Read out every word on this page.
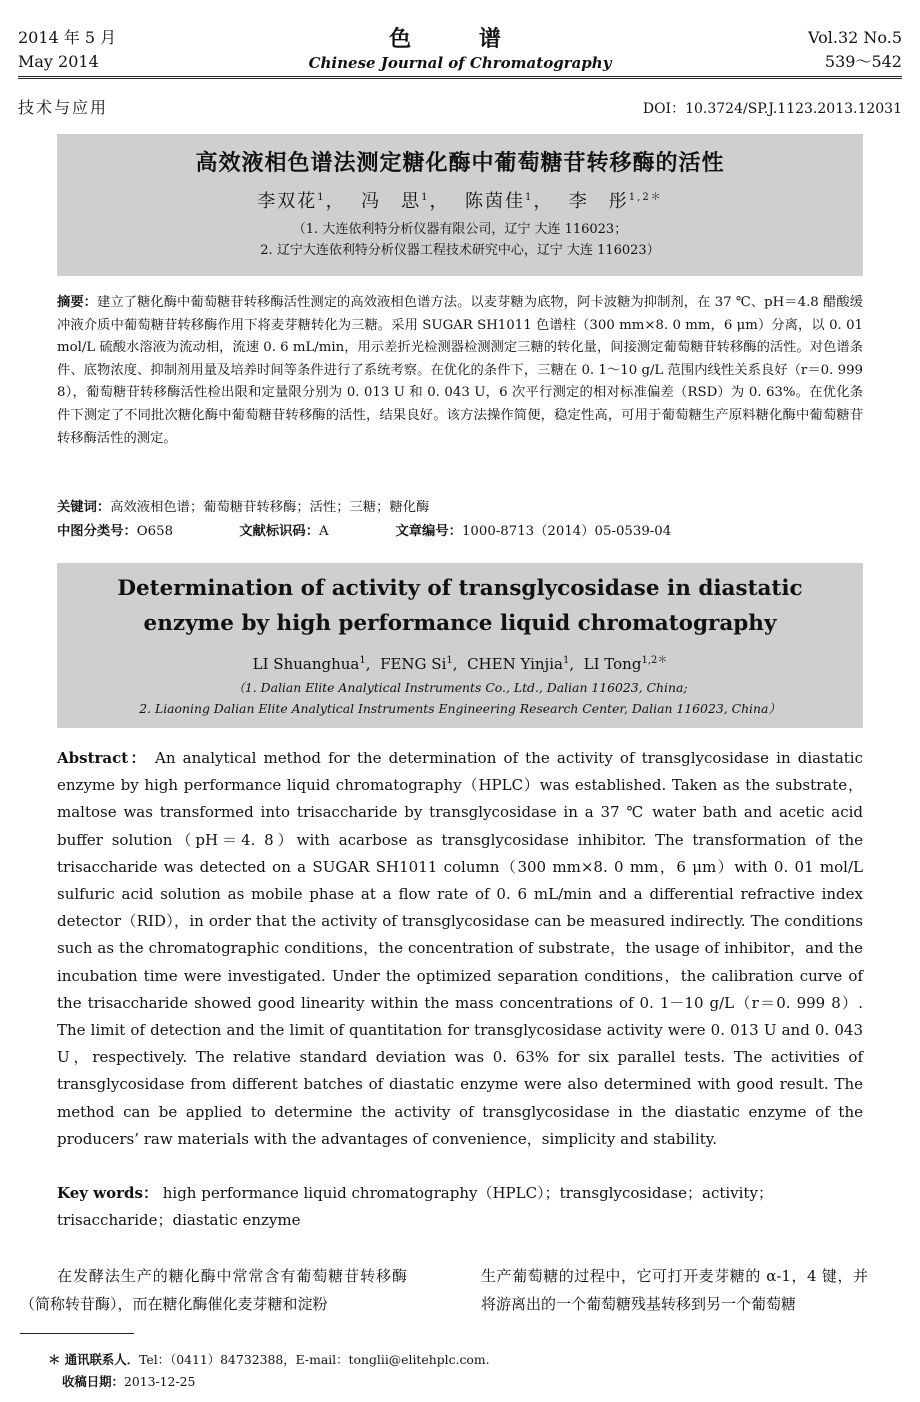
2014 年 5 月
May 2014
色 谱
Chinese Journal of Chromatography
Vol.32 No.5
539～542
技术与应用	DOI：10.3724/SP.J.1123.2013.12031
高效液相色谱法测定糖化酶中葡萄糖苷转移酶的活性
李双花$^1$，  冯　思$^1$，  陈茵佳$^1$，  李　彤$^{1,2*}$
（1. 大连依利特分析仪器有限公司，辽宁 大连 116023；
2. 辽宁大连依利特分析仪器工程技术研究中心，辽宁 大连 116023）
摘要：建立了糖化酶中葡萄糖苷转移酶活性测定的高效液相色谱方法。以麦芽糖为底物，阿卡波糖为抑制剂，在 37 ℃、pH＝4.8 醋酸缓冲液介质中葡萄糖苷转移酶作用下将麦芽糖转化为三糖。采用 SUGAR SH1011 色谱柱（300 mm×8. 0 mm，6 μm）分离，以 0. 01 mol/L 硫酸水溶液为流动相，流速 0. 6 mL/min，用示差折光检测器检测测定三糖的转化量，间接测定葡萄糖苷转移酶的活性。对色谱条件、底物浓度、抑制剂用量及培养时间等条件进行了系统考察。在优化的条件下，三糖在 0. 1～10 g/L 范围内线性关系良好（r＝0. 999 8），葡萄糖苷转移酶活性检出限和定量限分别为 0. 013 U 和 0. 043 U，6 次平行测定的相对标准偏差（RSD）为 0. 63%。在优化条件下测定了不同批次糖化酶中葡萄糖苷转移酶的活性，结果良好。该方法操作简便，稳定性高，可用于葡萄糖生产原料糖化酶中葡萄糖苷转移酶活性的测定。
关键词：高效液相色谱；葡萄糖苷转移酶；活性；三糖；糖化酶
中图分类号：O658	文献标识码：A	文章编号：1000-8713（2014）05-0539-04
Determination of activity of transglycosidase in diastatic
enzyme by high performance liquid chromatography
LI Shuanghua$^1$,  FENG Si$^1$,  CHEN Yinjia$^1$,  LI Tong$^{1,2*}$
（1. Dalian Elite Analytical Instruments Co., Ltd., Dalian 116023, China;
2. Liaoning Dalian Elite Analytical Instruments Engineering Research Center, Dalian 116023, China）
Abstract： An analytical method for the determination of the activity of transglycosidase in diastatic enzyme by high performance liquid chromatography（HPLC）was established. Taken as the substrate，maltose was transformed into trisaccharide by transglycosidase in a 37 ℃ water bath and acetic acid buffer solution（pH＝4. 8）with acarbose as transglycosidase inhibitor. The transformation of the trisaccharide was detected on a SUGAR SH1011 column（300 mm×8. 0 mm，6 μm）with 0. 01 mol/L sulfuric acid solution as mobile phase at a flow rate of 0. 6 mL/min and a differential refractive index detector（RID），in order that the activity of transglycosidase can be measured indirectly. The conditions such as the chromatographic conditions，the concentration of substrate，the usage of inhibitor，and the incubation time were investigated. Under the optimized separation conditions，the calibration curve of the trisaccharide showed good linearity within the mass concentrations of 0. 1－10 g/L（r＝0. 999 8）. The limit of detection and the limit of quantitation for transglycosidase activity were 0. 013 U and 0. 043 U，respectively. The relative standard deviation was 0. 63% for six parallel tests. The activities of transglycosidase from different batches of diastatic enzyme were also determined with good result. The method can be applied to determine the activity of transglycosidase in the diastatic enzyme of the producers’ raw materials with the advantages of convenience，simplicity and stability.
Key words： high performance liquid chromatography（HPLC）；transglycosidase；activity；trisaccharide；diastatic enzyme
在发酵法生产的糖化酶中常常含有葡萄糖苷转移酶（简称转苷酶），而在糖化酶催化麦芽糖和淀粉
生产葡萄糖的过程中，它可打开麦芽糖的 α-1，4 键，并将游离出的一个葡萄糖残基转移到另一个葡萄糖
＊ 通讯联系人．Tel：（0411）84732388，E-mail：tonglii@elitehplc.com.
收稿日期：2013-12-25
